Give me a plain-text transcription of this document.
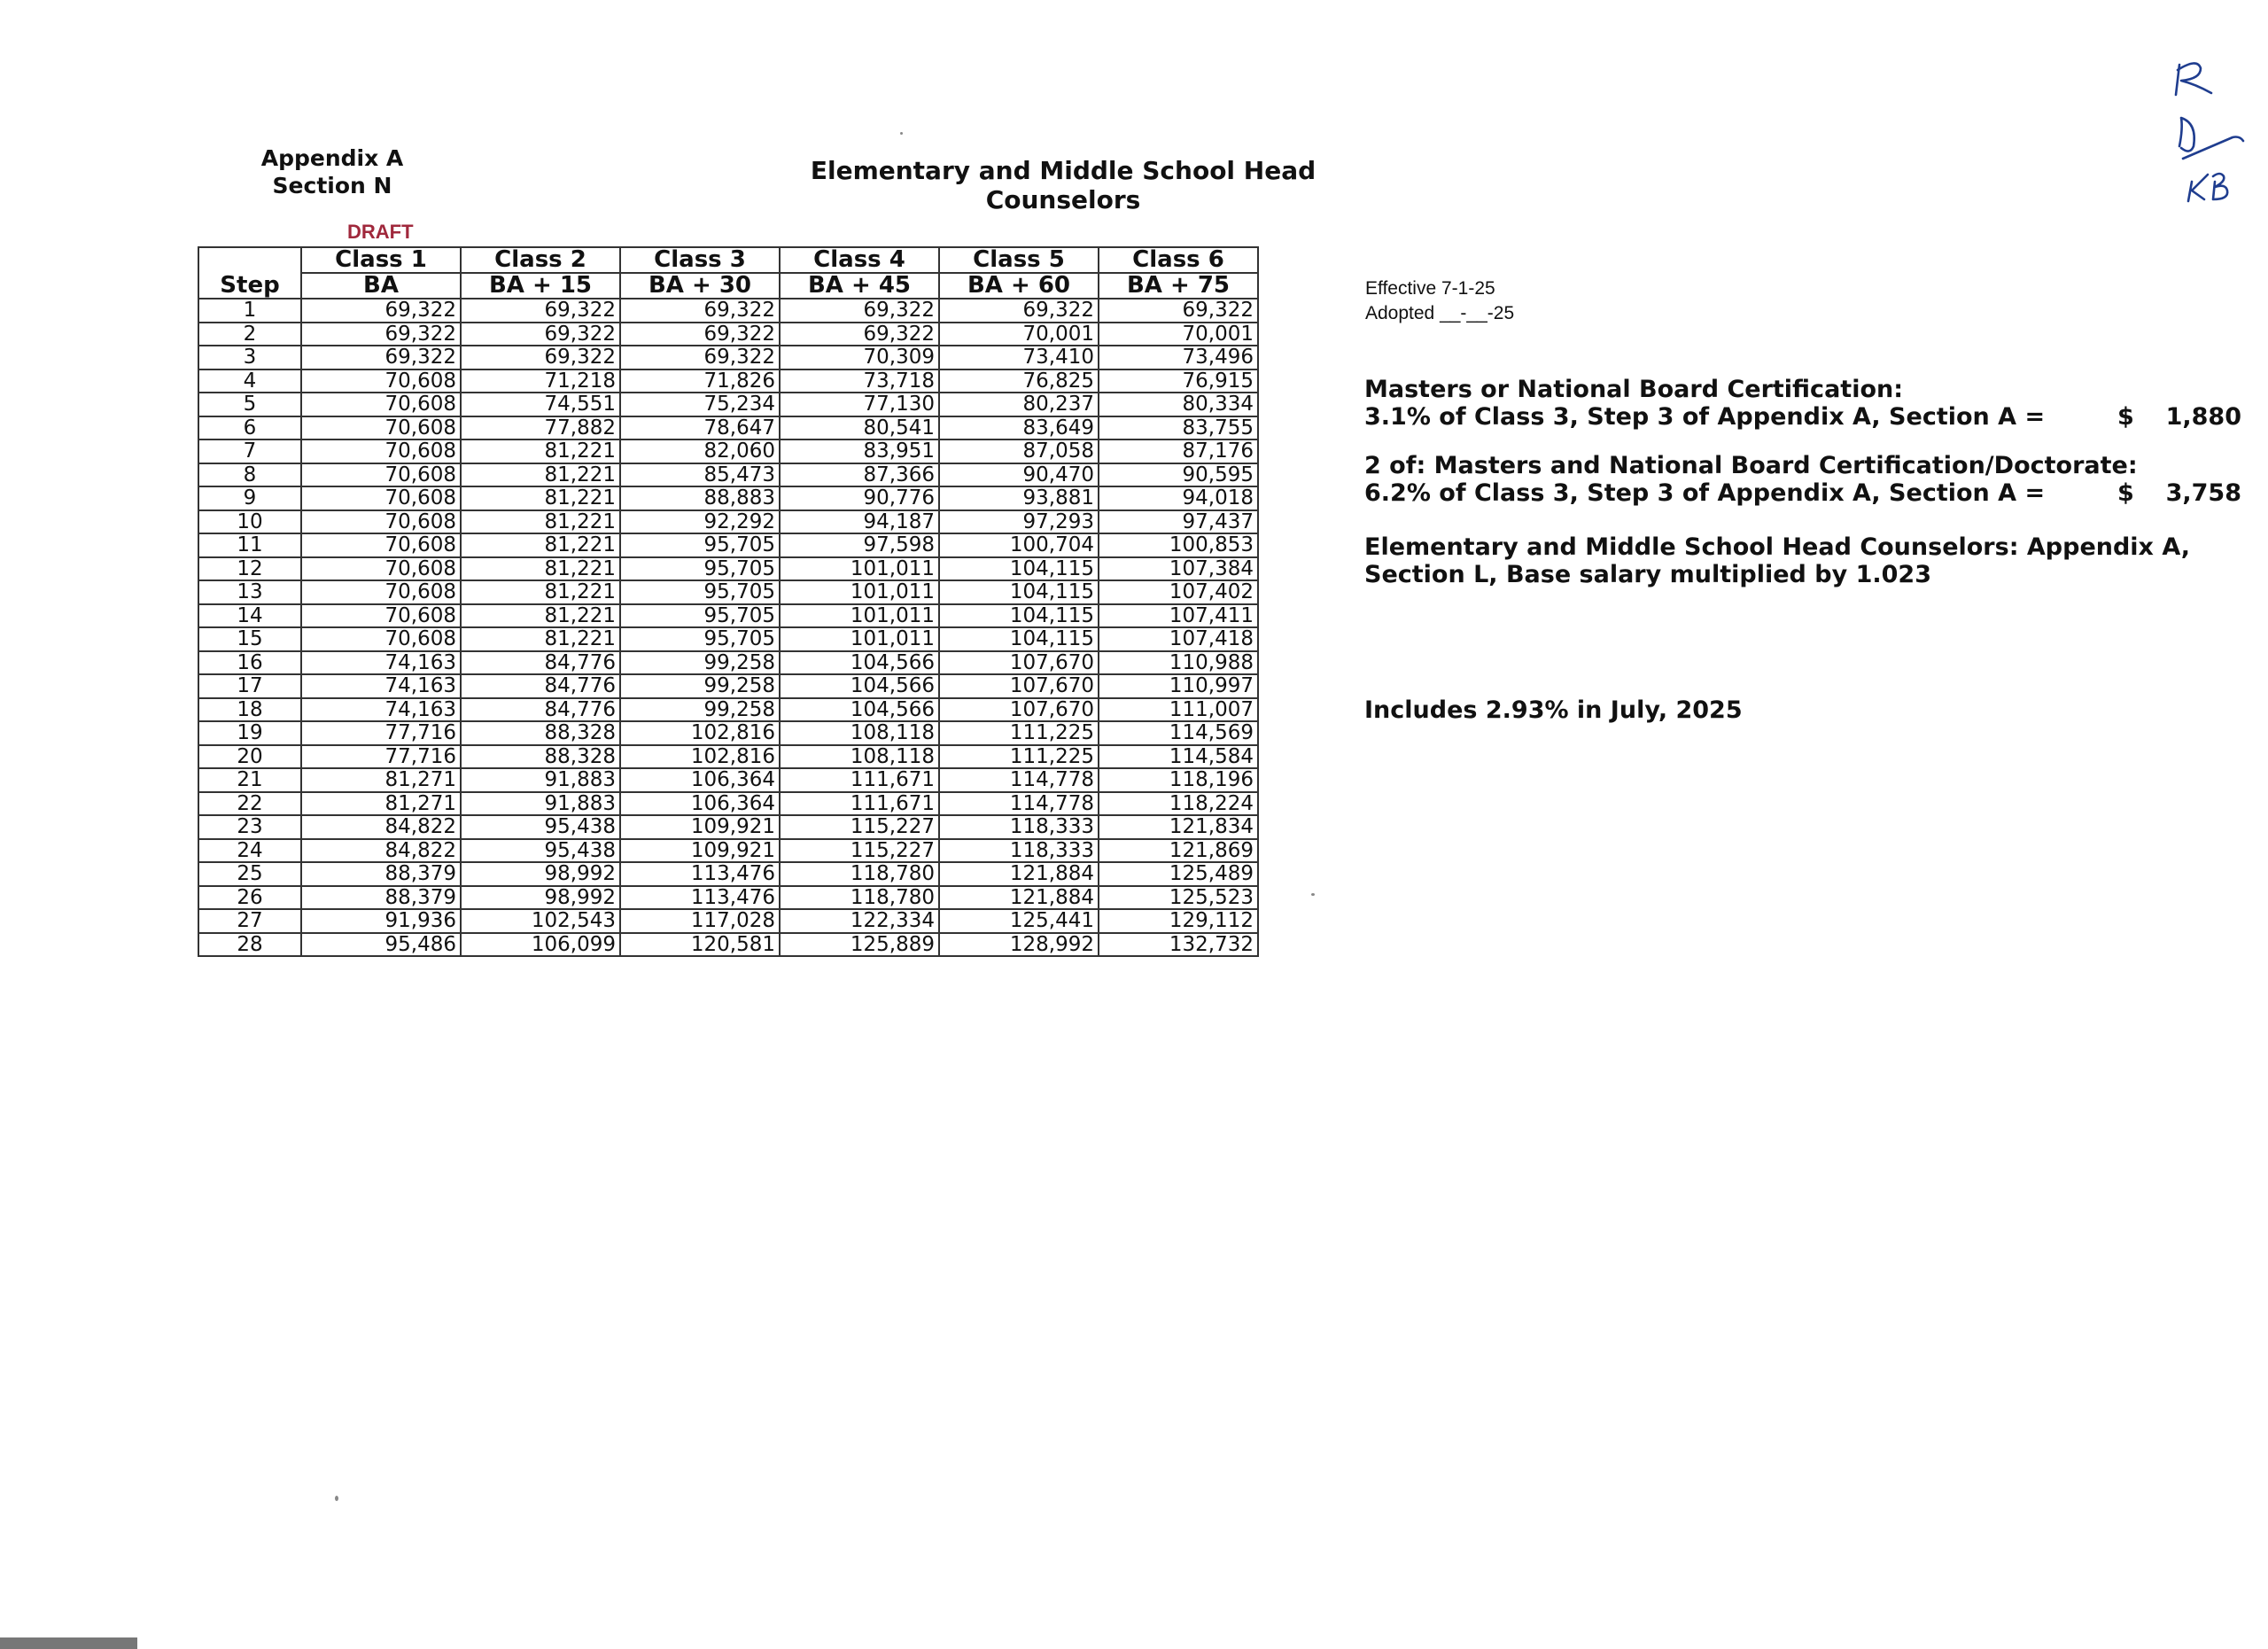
Appendix A
Section N
Elementary and Middle School Head Counselors
DRAFT
	Class 1	Class 2	Class 3	Class 4	Class 5	Class 6
Step	BA	BA + 15	BA + 30	BA + 45	BA + 60	BA + 75
1	69,322	69,322	69,322	69,322	69,322	69,322
2	69,322	69,322	69,322	69,322	70,001	70,001
3	69,322	69,322	69,322	70,309	73,410	73,496
4	70,608	71,218	71,826	73,718	76,825	76,915
5	70,608	74,551	75,234	77,130	80,237	80,334
6	70,608	77,882	78,647	80,541	83,649	83,755
7	70,608	81,221	82,060	83,951	87,058	87,176
8	70,608	81,221	85,473	87,366	90,470	90,595
9	70,608	81,221	88,883	90,776	93,881	94,018
10	70,608	81,221	92,292	94,187	97,293	97,437
11	70,608	81,221	95,705	97,598	100,704	100,853
12	70,608	81,221	95,705	101,011	104,115	107,384
13	70,608	81,221	95,705	101,011	104,115	107,402
14	70,608	81,221	95,705	101,011	104,115	107,411
15	70,608	81,221	95,705	101,011	104,115	107,418
16	74,163	84,776	99,258	104,566	107,670	110,988
17	74,163	84,776	99,258	104,566	107,670	110,997
18	74,163	84,776	99,258	104,566	107,670	111,007
19	77,716	88,328	102,816	108,118	111,225	114,569
20	77,716	88,328	102,816	108,118	111,225	114,584
21	81,271	91,883	106,364	111,671	114,778	118,196
22	81,271	91,883	106,364	111,671	114,778	118,224
23	84,822	95,438	109,921	115,227	118,333	121,834
24	84,822	95,438	109,921	115,227	118,333	121,869
25	88,379	98,992	113,476	118,780	121,884	125,489
26	88,379	98,992	113,476	118,780	121,884	125,523
27	91,936	102,543	117,028	122,334	125,441	129,112
28	95,486	106,099	120,581	125,889	128,992	132,732
Effective 7-1-25
Adopted __-__-25
Masters or National Board Certification:
3.1% of Class 3, Step 3 of Appendix A, Section A =	$ 1,880
2 of: Masters and National Board Certification/Doctorate:
6.2% of Class 3, Step 3 of Appendix A, Section A =	$ 3,758
Elementary and Middle School Head Counselors: Appendix A, Section L, Base salary multiplied by 1.023
Includes 2.93% in July, 2025
